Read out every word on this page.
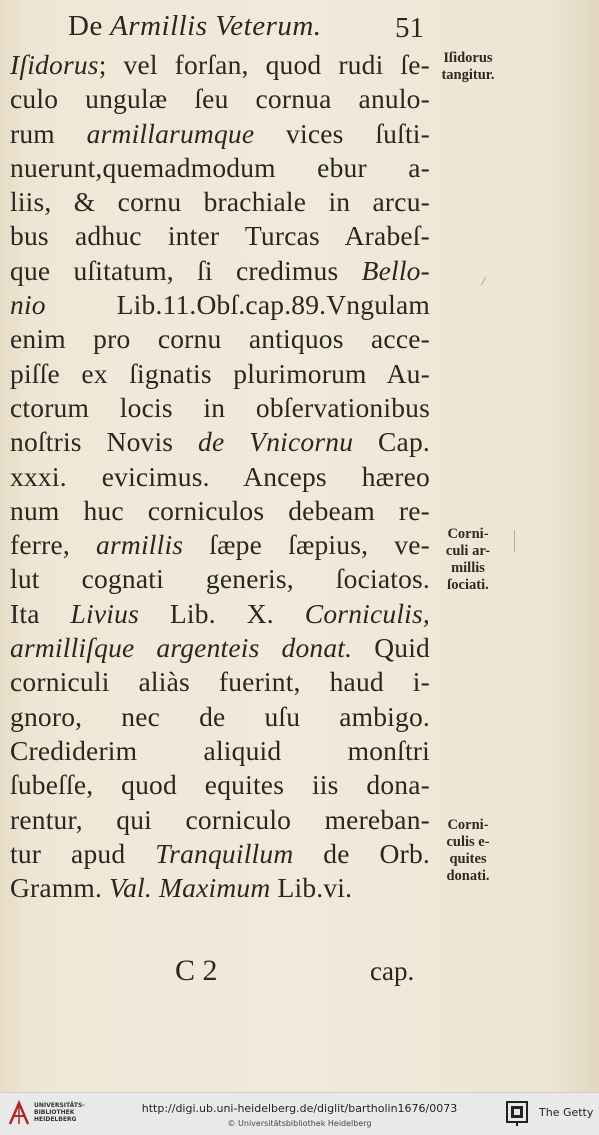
De Armillis Veterum.	51
Iſidorus; vel forſan, quod rudi ſe-
culo ungulæ ſeu cornua anulo-
rum armillarumque vices ſuſti-
nuerunt,quemadmodum ebur a-
liis, & cornu brachiale in arcu-
bus adhuc inter Turcas Arabeſ-
que uſitatum, ſi credimus Bello-
nio Lib.11.Obſ.cap.89.Vngulam
enim pro cornu antiquos acce-
piſſe ex ſignatis plurimorum Au-
ctorum locis in obſervationibus
noſtris Novis de Vnicornu Cap.
xxxi. evicimus. Anceps hæreo
num huc corniculos debeam re-
ferre, armillis ſæpe ſæpius, ve-
lut cognati generis, ſociatos.
Ita Livius Lib. X. Corniculis,
armilliſque argenteis donat. Quid
corniculi aliàs fuerint, haud i-
gnoro, nec de uſu ambigo.
Crediderim aliquid monſtri
ſubeſſe, quod equites iis dona-
rentur, qui corniculo mereban-
tur apud Tranquillum de Orb.
Gramm. Val. Maximum Lib.vi.
Iſidorus
tangitur.
Corni-
culi ar-
millis
ſociati.
Corni-
culis e-
quites
donati.
C 2	cap.
UNIVERSITÄTS-
BIBLIOTHEK
HEIDELBERG
http://digi.ub.uni-heidelberg.de/diglit/bartholin1676/0073
© Universitätsbibliothek Heidelberg
The Getty
